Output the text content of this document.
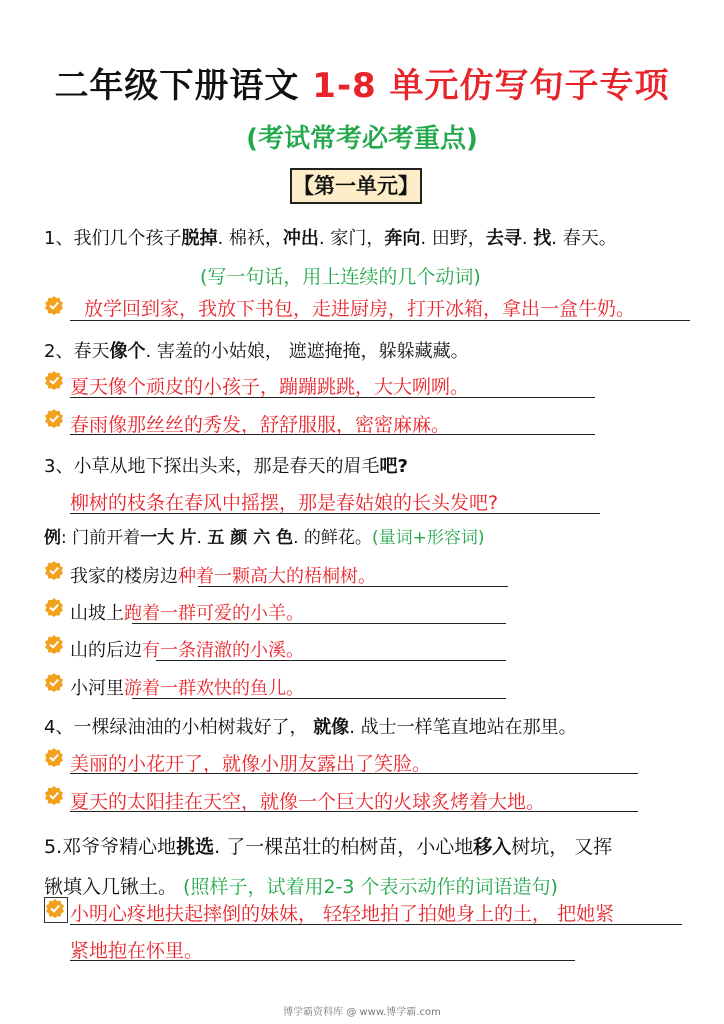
二年级下册语文 1-8 单元仿写句子专项
(考试常考必考重点)
【第一单元】
1、我们几个孩子脱掉. 棉袄，冲出. 家门，奔向. 田野，去寻. 找. 春天。
(写一句话，用上连续的几个动词)
放学回到家，我放下书包，走进厨房，打开冰箱，拿出一盒牛奶。
2、春天像个. 害羞的小姑娘， 遮遮掩掩，躲躲藏藏。
夏天像个顽皮的小孩子，蹦蹦跳跳，大大咧咧。
春雨像那丝丝的秀发，舒舒服服，密密麻麻。
3、小草从地下探出头来，那是春天的眉毛吧?
柳树的枝条在春风中摇摆，那是春姑娘的长头发吧?
例: 门前开着一大 片. 五 颜 六 色. 的鲜花。(量词+形容词)
我家的楼房边种着一颗高大的梧桐树。
山坡上跑着一群可爱的小羊。
山的后边有一条清澈的小溪。
小河里游着一群欢快的鱼儿。
4、一棵绿油油的小柏树栽好了， 就像. 战士一样笔直地站在那里。
美丽的小花开了，就像小朋友露出了笑脸。
夏天的太阳挂在天空，就像一个巨大的火球炙烤着大地。
5.邓爷爷精心地挑选. 了一棵茁壮的柏树苗，小心地移入树坑， 又挥
锹填入几锹土。 (照样子，试着用2-3 个表示动作的词语造句)
小明心疼地扶起摔倒的妹妹， 轻轻地拍了拍她身上的土， 把她紧
紧地抱在怀里。
博学霸资料库 @ www.博学霸.com
